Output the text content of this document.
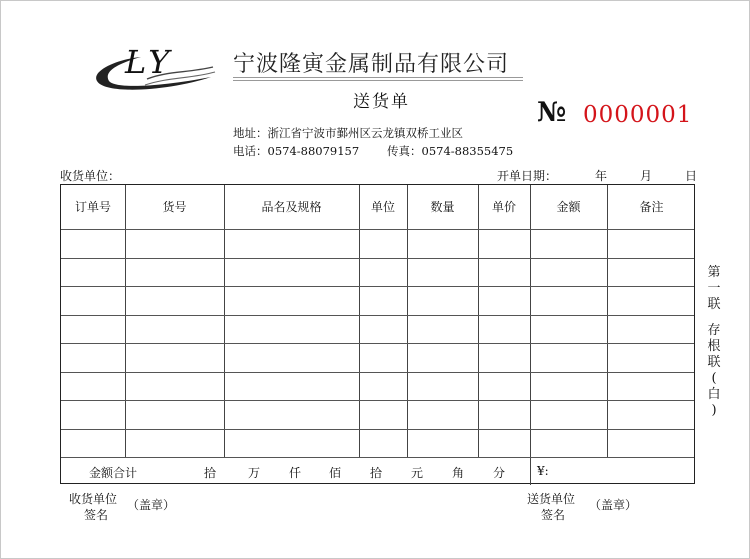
LY	宁波隆寅金属制品有限公司
送货单	№ 0000001
地址：浙江省宁波市鄞州区云龙镇双桥工业区
电话：0574-88079157 传真：0574-88355475
收货单位：	开单日期：	年	月	日
订单号	货号	品名及规格	单位	数量	单价	金额	备注
金额合计	拾	万 仟 佰 拾 元 角 分	¥:
第
一
联
存
根
联
(
白
)
收货单位
签名
（盖章）	送货单位
签名
（盖章）
